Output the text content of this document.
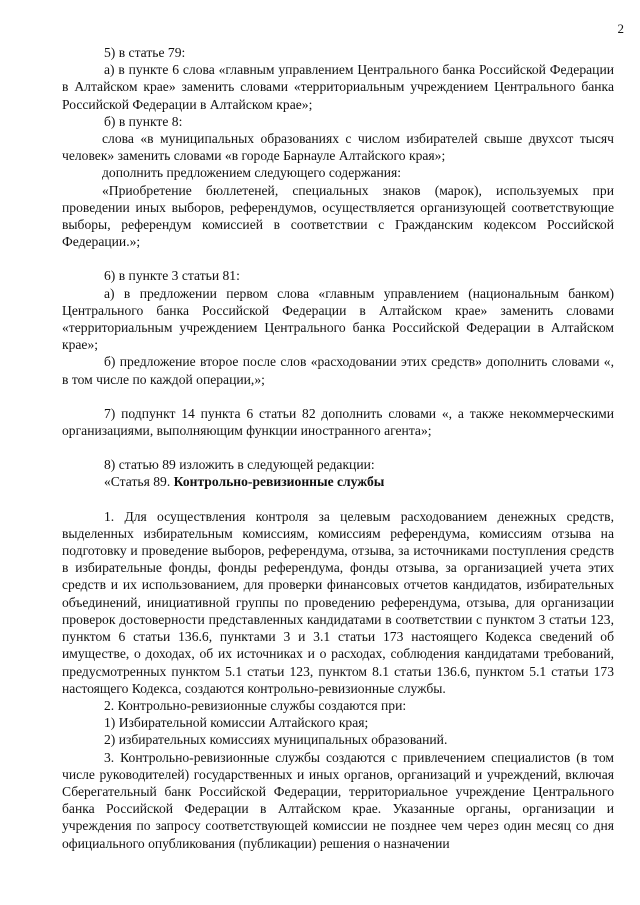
2

5) в статье 79:

а) в пункте 6 слова «главным управлением Центрального банка Российской Федерации в Алтайском крае» заменить словами «территориальным учреждением Центрального банка Российской Федерации в Алтайском крае»;

б) в пункте 8:

слова «в муниципальных образованиях с числом избирателей свыше двухсот тысяч человек» заменить словами «в городе Барнауле Алтайского края»;

дополнить предложением следующего содержания:

«Приобретение бюллетеней, специальных знаков (марок), используемых при проведении иных выборов, референдумов, осуществляется организующей соответствующие выборы, референдум комиссией в соответствии с Гражданским кодексом Российской Федерации.»;

6) в пункте 3 статьи 81:

а) в предложении первом слова «главным управлением (национальным банком) Центрального банка Российской Федерации в Алтайском крае» заменить словами «территориальным учреждением Центрального банка Российской Федерации в Алтайском крае»;

б) предложение второе после слов «расходовании этих средств» дополнить словами «, в том числе по каждой операции,»;

7) подпункт 14 пункта 6 статьи 82 дополнить словами «, а также некоммерческими организациями, выполняющим функции иностранного агента»;

8) статью 89 изложить в следующей редакции:

«Статья 89. Контрольно-ревизионные службы

1. Для осуществления контроля за целевым расходованием денежных средств, выделенных избирательным комиссиям, комиссиям референдума, комиссиям отзыва на подготовку и проведение выборов, референдума, отзыва, за источниками поступления средств в избирательные фонды, фонды референдума, фонды отзыва, за организацией учета этих средств и их использованием, для проверки финансовых отчетов кандидатов, избирательных объединений, инициативной группы по проведению референдума, отзыва, для организации проверок достоверности представленных кандидатами в соответствии с пунктом 3 статьи 123, пунктом 6 статьи 136.6, пунктами 3 и 3.1 статьи 173 настоящего Кодекса сведений об имуществе, о доходах, об их источниках и о расходах, соблюдения кандидатами требований, предусмотренных пунктом 5.1 статьи 123, пунктом 8.1 статьи 136.6, пунктом 5.1 статьи 173 настоящего Кодекса, создаются контрольно-ревизионные службы.

2. Контрольно-ревизионные службы создаются при:

1) Избирательной комиссии Алтайского края;

2) избирательных комиссиях муниципальных образований.

3. Контрольно-ревизионные службы создаются с привлечением специалистов (в том числе руководителей) государственных и иных органов, организаций и учреждений, включая Сберегательный банк Российской Федерации, территориальное учреждение Центрального банка Российской Федерации в Алтайском крае. Указанные органы, организации и учреждения по запросу соответствующей комиссии не позднее чем через один месяц со дня официального опубликования (публикации) решения о назначении
